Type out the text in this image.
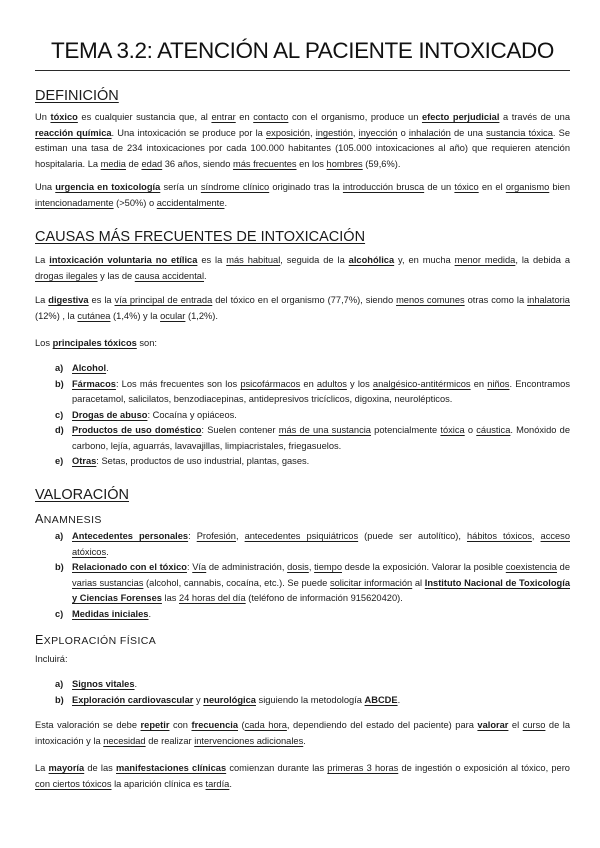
TEMA 3.2: ATENCIÓN AL PACIENTE INTOXICADO
DEFINICIÓN

Un tóxico es cualquier sustancia que, al entrar en contacto con el organismo, produce un efecto perjudicial a través de una reacción química. Una intoxicación se produce por la exposición, ingestión, inyección o inhalación de una sustancia tóxica. Se estiman una tasa de 234 intoxicaciones por cada 100.000 habitantes (105.000 intoxicaciones al año) que requieren atención hospitalaria. La media de edad 36 años, siendo más frecuentes en los hombres (59,6%).

Una urgencia en toxicología sería un síndrome clínico originado tras la introducción brusca de un tóxico en el organismo bien intencionadamente (>50%) o accidentalmente.

CAUSAS MÁS FRECUENTES DE INTOXICACIÓN

La intoxicación voluntaria no etílica es la más habitual, seguida de la alcohólica y, en mucha menor medida, la debida a drogas ilegales y las de causa accidental.

La digestiva es la vía principal de entrada del tóxico en el organismo (77,7%), siendo menos comunes otras como la inhalatoria (12%) , la cutánea (1,4%) y la ocular (1,2%).

Los principales tóxicos son:

a) Alcohol.
b) Fármacos: Los más frecuentes son los psicofármacos en adultos y los analgésico-antitérmicos en niños. Encontramos paracetamol, salicilatos, benzodiacepinas, antidepresivos tricíclicos, digoxina, neurolépticos.
c) Drogas de abuso: Cocaína y opiáceos.
d) Productos de uso doméstico: Suelen contener más de una sustancia potencialmente tóxica o cáustica. Monóxido de carbono, lejía, aguarrás, lavavajillas, limpiacristales, friegasuelos.
e) Otras: Setas, productos de uso industrial, plantas, gases.
VALORACIÓN
ANAMNESIS
a) Antecedentes personales: Profesión, antecedentes psiquiátricos (puede ser autolítico), hábitos tóxicos, acceso atóxicos.
b) Relacionado con el tóxico: Vía de administración, dosis, tiempo desde la exposición. Valorar la posible coexistencia de varias sustancias (alcohol, cannabis, cocaína, etc.). Se puede solicitar información al Instituto Nacional de Toxicología y Ciencias Forenses las 24 horas del día (teléfono de información 915620420).
c) Medidas iniciales.
EXPLORACIÓN FÍSICA

Incluirá:

a) Signos vitales.
b) Exploración cardiovascular y neurológica siguiendo la metodología ABCDE.

Esta valoración se debe repetir con frecuencia (cada hora, dependiendo del estado del paciente) para valorar el curso de la intoxicación y la necesidad de realizar intervenciones adicionales.

La mayoría de las manifestaciones clínicas comienzan durante las primeras 3 horas de ingestión o exposición al tóxico, pero con ciertos tóxicos la aparición clínica es tardía.
